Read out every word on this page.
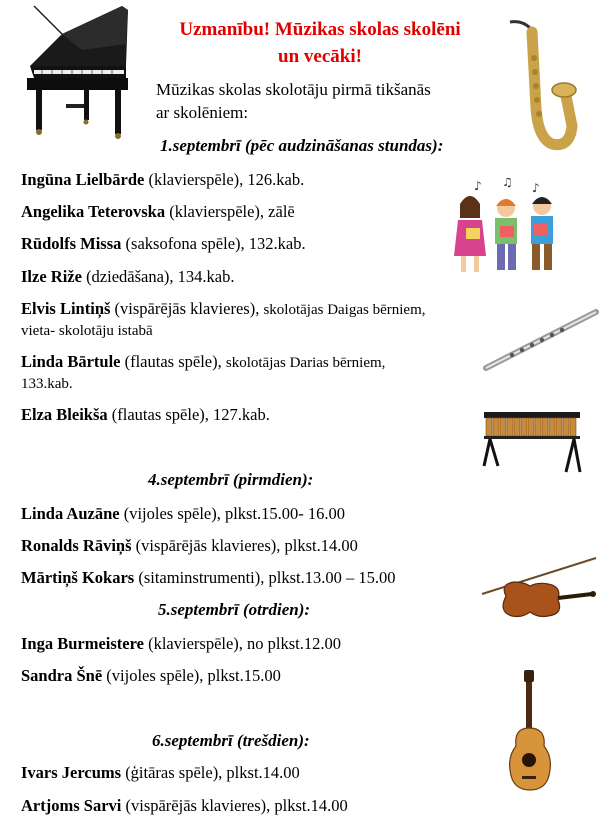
Uzmanību! Mūzikas skolas skolēni
un vecāki!
Mūzikas skolas skolotāju pirmā tikšanās
ar skolēniem:
1.septembrī (pēc audzināšanas stundas):
Ingūna Lielbārde (klavierspēle), 126.kab.
Angelika Teterovska (klavierspēle), zālē
Rūdolfs Missa (saksofona spēle), 132.kab.
Ilze Riže (dziedāšana), 134.kab.
Elvis Lintiņš (vispārējās klavieres), skolotājas Daigas bērniem, vieta- skolotāju istabā
Linda Bārtule (flautas spēle), skolotājas Darias bērniem,
133.kab.
Elza Bleikša (flautas spēle), 127.kab.
4.septembrī (pirmdien):
Linda Auzāne (vijoles spēle), plkst.15.00- 16.00
Ronalds Rāviņš (vispārējās klavieres), plkst.14.00
Mārtiņš Kokars (sitaminstrumenti), plkst.13.00 – 15.00
5.septembrī (otrdien):
Inga Burmeistere (klavierspēle), no plkst.12.00
Sandra Šnē (vijoles spēle), plkst.15.00
6.septembrī (trešdien):
Ivars Jercums (ģitāras spēle), plkst.14.00
Artjoms Sarvi (vispārējās klavieres), plkst.14.00
♪ ♫ ♪
